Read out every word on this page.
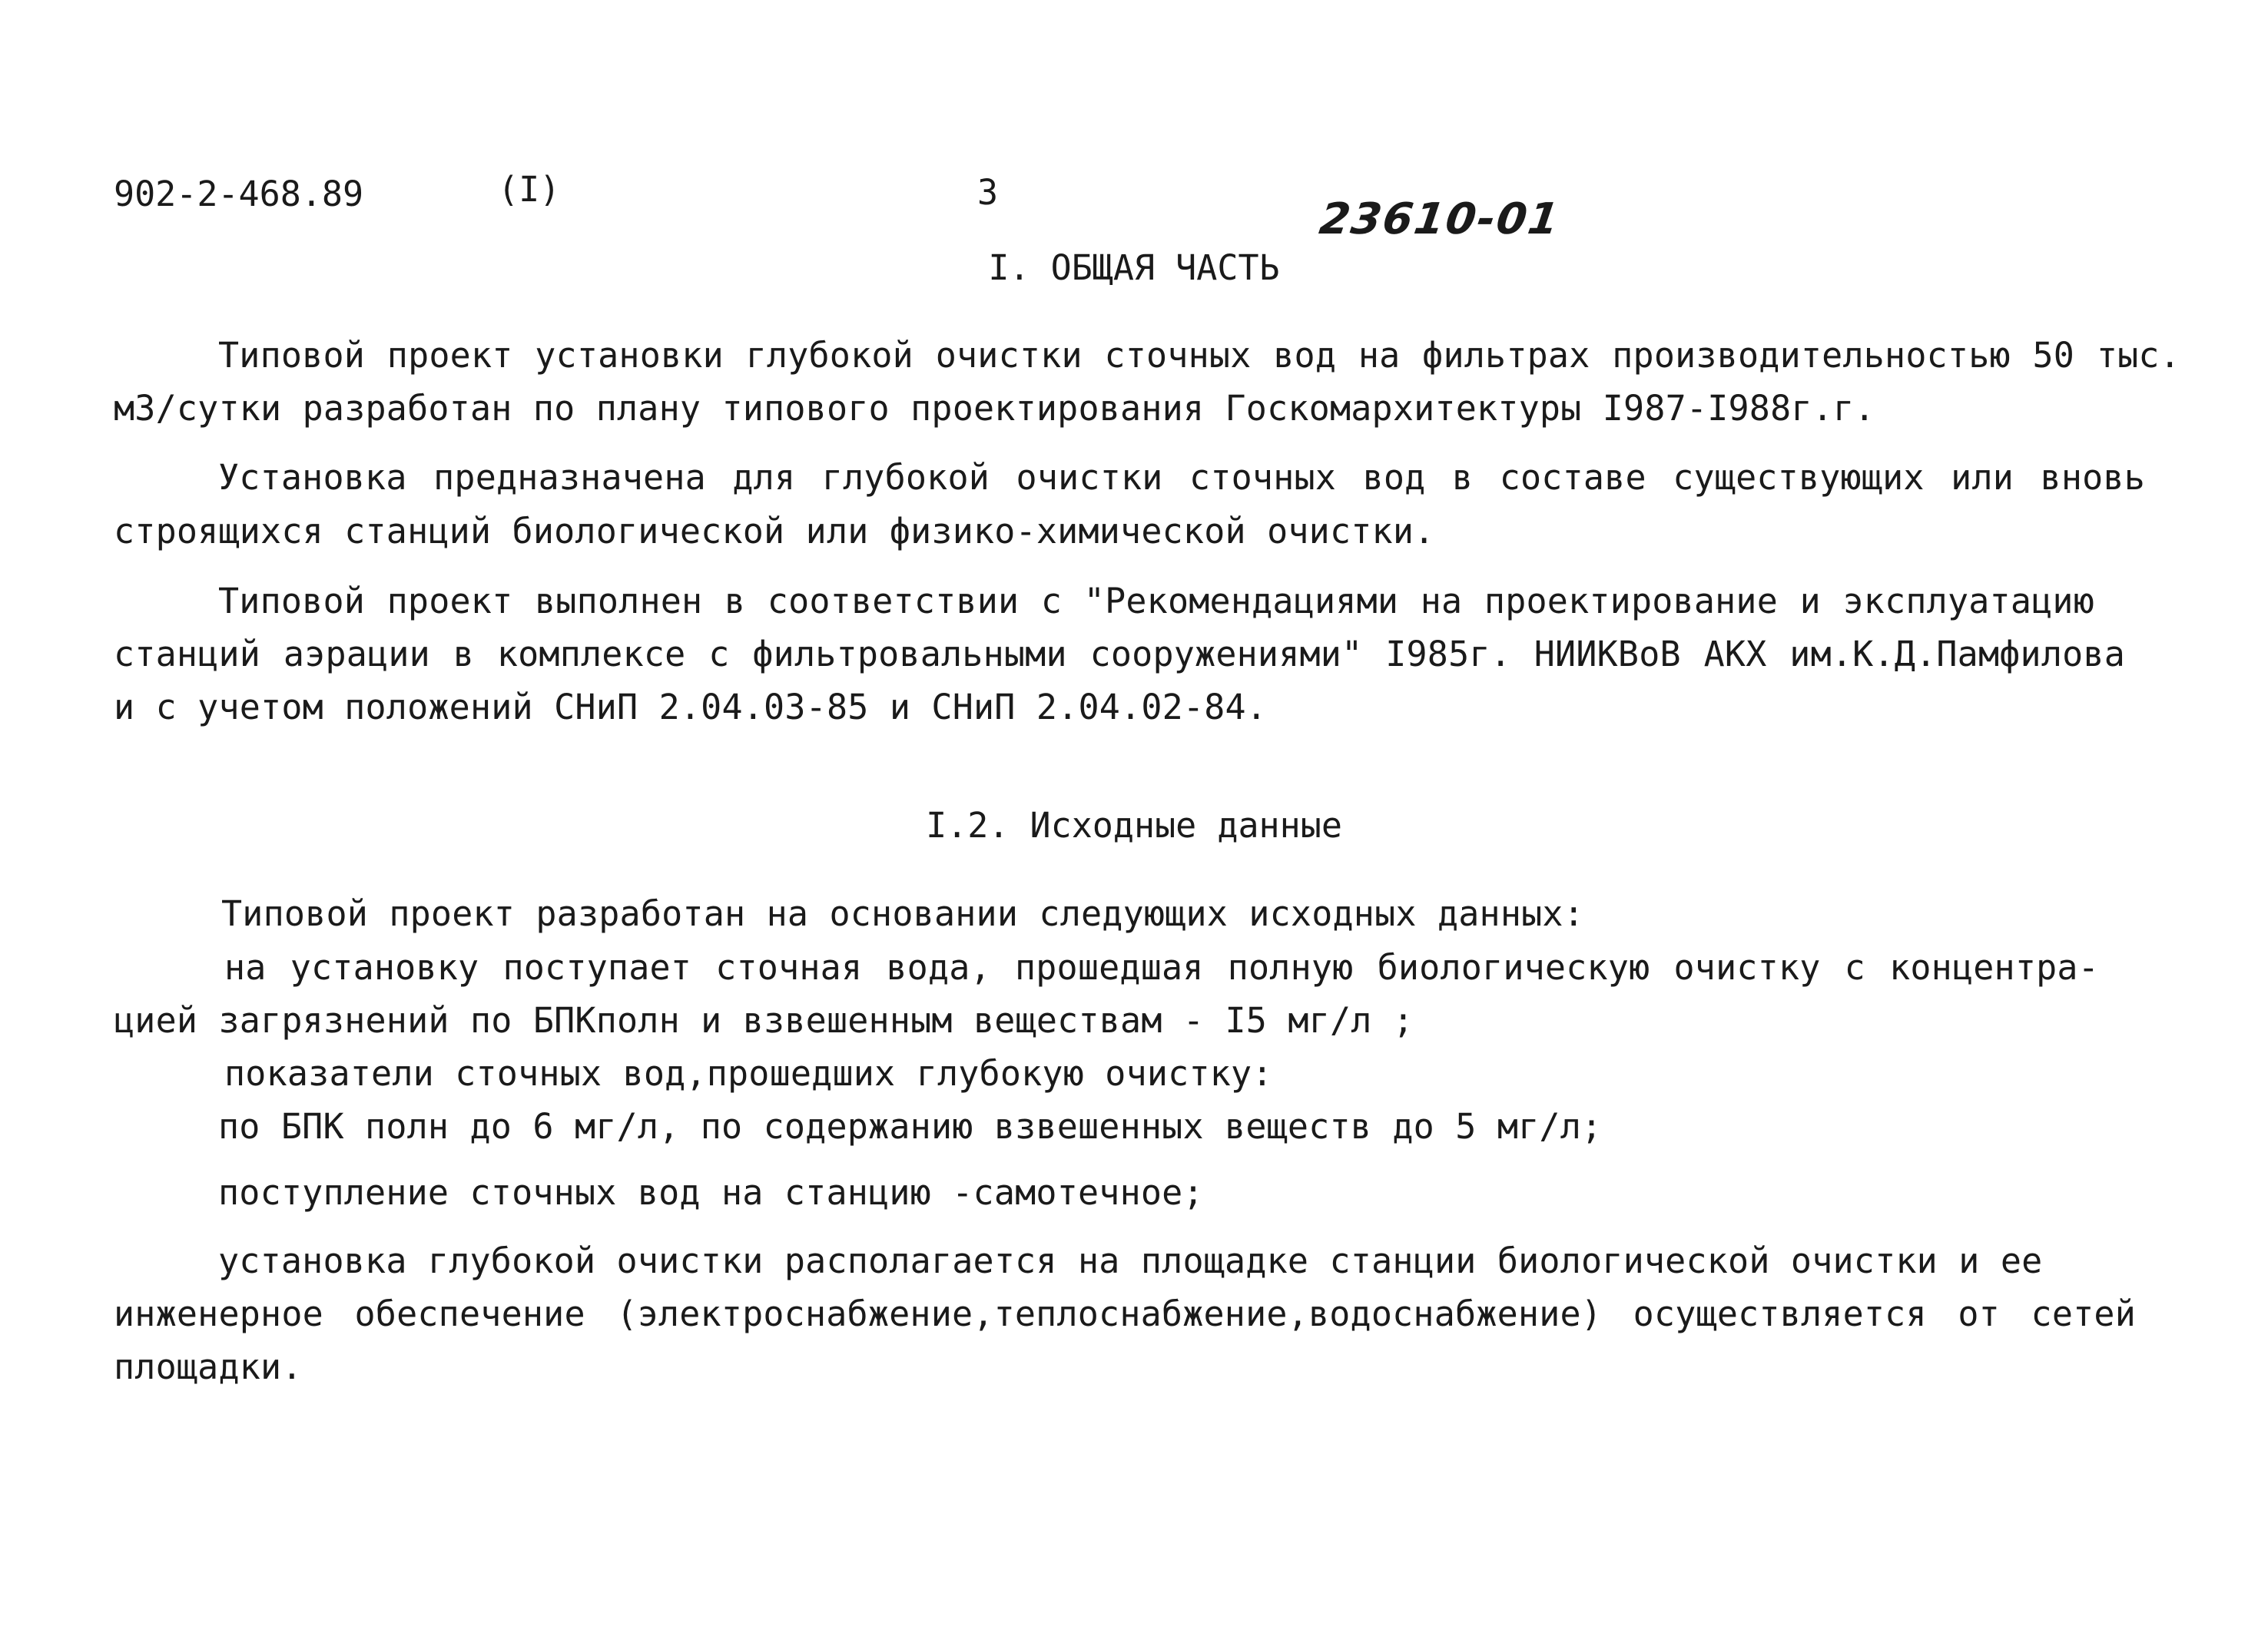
902-2-468.89	(I)	3
23610-01
I. ОБЩАЯ ЧАСТЬ
Типовой проект установки глубокой очистки сточных вод на фильтрах производительностью 50 тыс.
м3/сутки разработан по плану типового проектирования Госкомархитектуры I987-I988г.г.
Установка предназначена для глубокой очистки сточных вод в составе существующих или вновь
строящихся станций биологической или физико-химической очистки.
Типовой проект выполнен в соответствии с "Рекомендациями на проектирование и эксплуатацию
станций аэрации в комплексе с фильтровальными сооружениями" I985г. НИИКВоВ АКХ им.К.Д.Памфилова
и с учетом положений СНиП 2.04.03-85 и СНиП 2.04.02-84.
I.2. Исходные данные
Типовой проект разработан на основании следующих исходных данных:
на установку поступает сточная вода, прошедшая полную биологическую очистку с концентра-
цией загрязнений по БПКполн и взвешенным веществам - I5 мг/л ;
показатели сточных вод,прошедших глубокую очистку:
по БПК полн до 6 мг/л, по содержанию взвешенных веществ до 5 мг/л;
поступление сточных вод на станцию -самотечное;
установка глубокой очистки располагается на площадке станции биологической очистки и ее
инженерное обеспечение (электроснабжение,теплоснабжение,водоснабжение) осуществляется от сетей
площадки.
